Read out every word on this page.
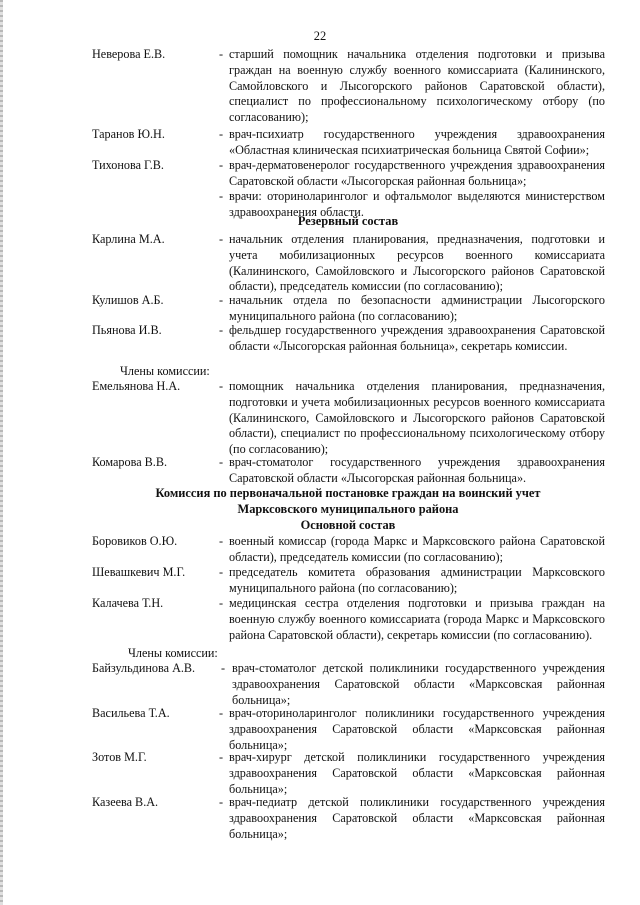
22
Неверова Е.В.	- старший помощник начальника отделения подготовки и призыва граждан на военную службу военного комиссариата (Калининского, Самойловского и Лысогорского районов Саратовской области), специалист по профессиональному психологическому отбору (по согласованию);
Таранов Ю.Н.	- врач-психиатр государственного учреждения здравоохранения «Областная клиническая психиатрическая больница Святой Софии»;
Тихонова Г.В.	- врач-дерматовенеролог государственного учреждения здравоохранения Саратовской области «Лысогорская районная больница»;
- врачи: оториноларинголог и офтальмолог выделяются министерством здравоохранения области.
Резервный состав
Карлина М.А.	- начальник отделения планирования, предназначения, подготовки и учета мобилизационных ресурсов военного комиссариата (Калининского, Самойловского и Лысогорского районов Саратовской области), председатель комиссии (по согласованию);
Кулишов А.Б.	- начальник отдела по безопасности администрации Лысогорского муниципального района (по согласованию);
Пьянова И.В.	- фельдшер государственного учреждения здравоохранения Саратовской области «Лысогорская районная больница», секретарь комиссии.
Члены комиссии:
Емельянова Н.А.	- помощник начальника отделения планирования, предназначения, подготовки и учета мобилизационных ресурсов военного комиссариата (Калининского, Самойловского и Лысогорского районов Саратовской области), специалист по профессиональному психологическому отбору (по согласованию);
Комарова В.В.	- врач-стоматолог государственного учреждения здравоохранения Саратовской области «Лысогорская районная больница».
Комиссия по первоначальной постановке граждан на воинский учет
Марксовского муниципального района
Основной состав
Боровиков О.Ю.	- военный комиссар (города Маркс и Марксовского района Саратовской области), председатель комиссии (по согласованию);
Шевашкевич М.Г.	- председатель комитета образования администрации Марксовского муниципального района (по согласованию);
Калачева Т.Н.	- медицинская сестра отделения подготовки и призыва граждан на военную службу военного комиссариата (города Маркс и Марксовского района Саратовской области), секретарь комиссии (по согласованию).
Члены комиссии:
Байзульдинова А.В. - врач-стоматолог детской поликлиники государственного учреждения здравоохранения Саратовской области «Марксовская районная больница»;
Васильева Т.А.	- врач-оториноларинголог поликлиники государственного учреждения здравоохранения Саратовской области «Марксовская районная больница»;
Зотов М.Г.	- врач-хирург детской поликлиники государственного учреждения здравоохранения Саратовской области «Марксовская районная больница»;
Казеева В.А.	- врач-педиатр детской поликлиники государственного учреждения здравоохранения Саратовской области «Марксовская районная больница»;
